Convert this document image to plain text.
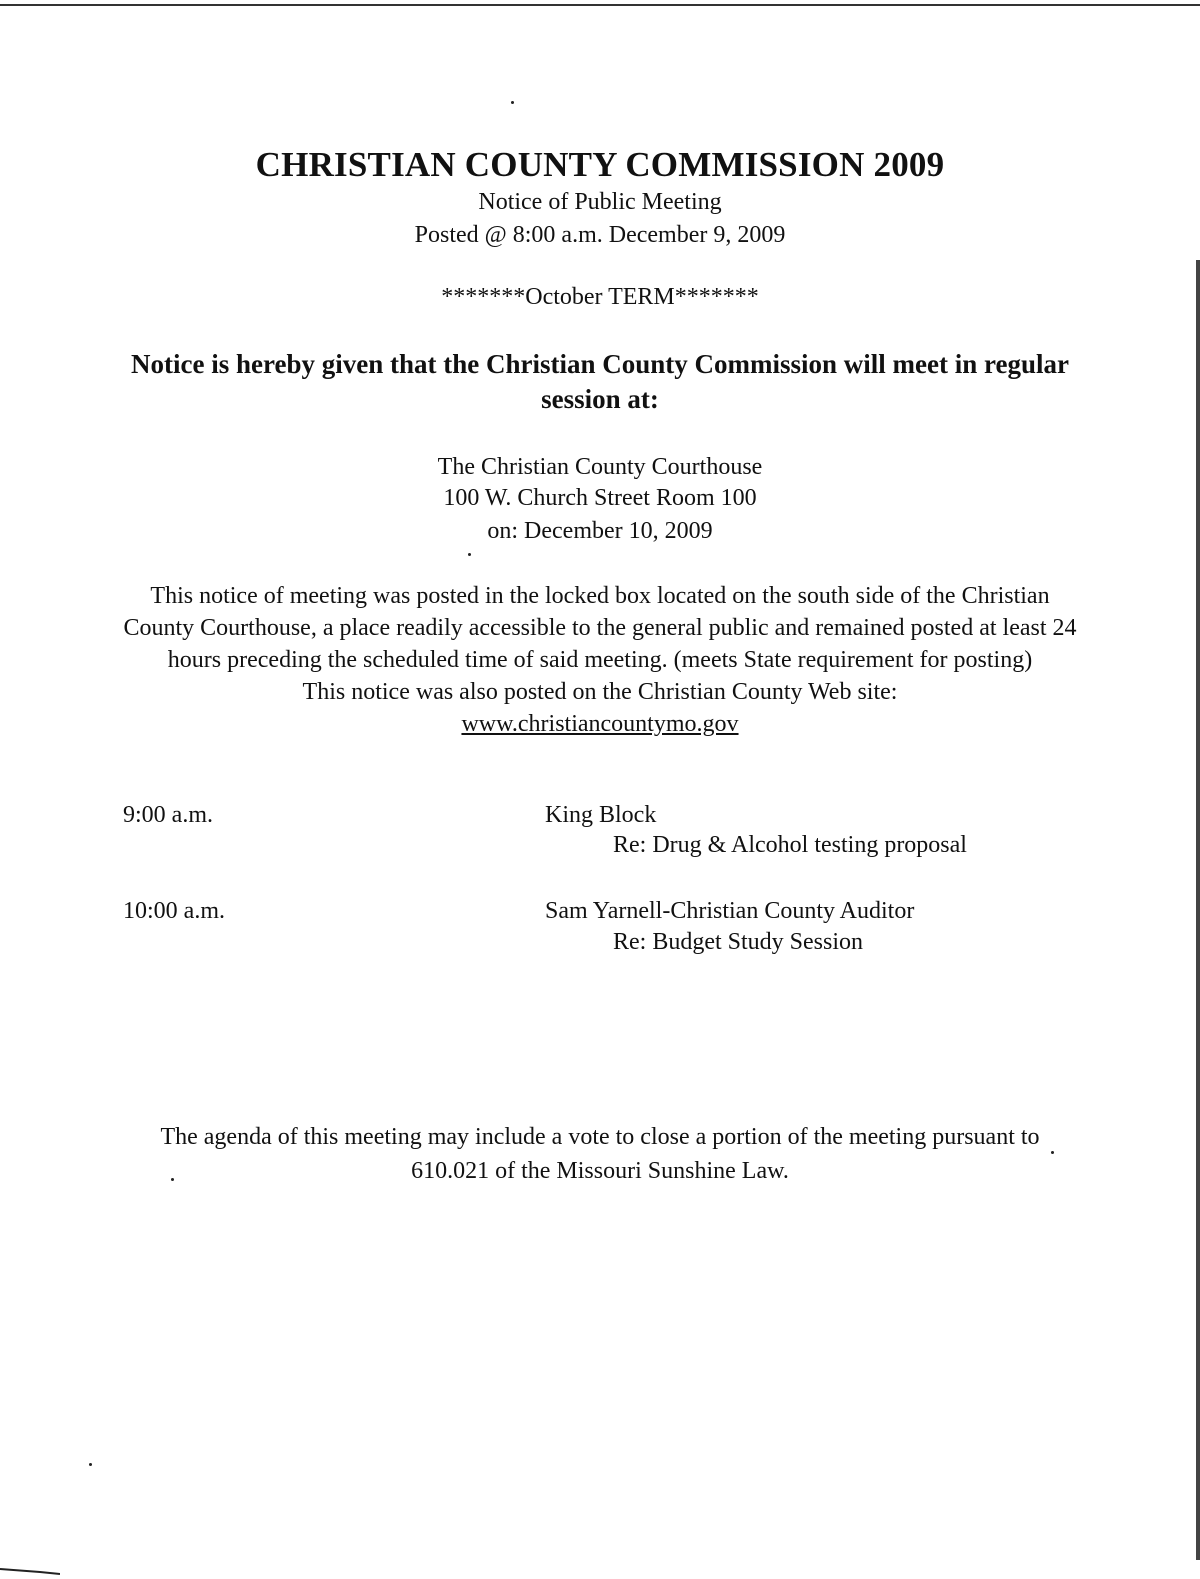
CHRISTIAN COUNTY COMMISSION 2009
Notice of Public Meeting
Posted @ 8:00 a.m. December 9, 2009
*******October TERM*******
Notice is hereby given that the Christian County Commission will meet in regular
session at:
The Christian County Courthouse
100 W. Church Street Room 100
on: December 10, 2009
This notice of meeting was posted in the locked box located on the south side of the Christian
County Courthouse, a place readily accessible to the general public and remained posted at least 24
hours preceding the scheduled time of said meeting. (meets State requirement for posting)
This notice was also posted on the Christian County Web site:
www.christiancountymo.gov
9:00 a.m.	King Block
Re: Drug & Alcohol testing proposal
10:00 a.m.	Sam Yarnell-Christian County Auditor
Re: Budget Study Session
The agenda of this meeting may include a vote to close a portion of the meeting pursuant to
610.021 of the Missouri Sunshine Law.
